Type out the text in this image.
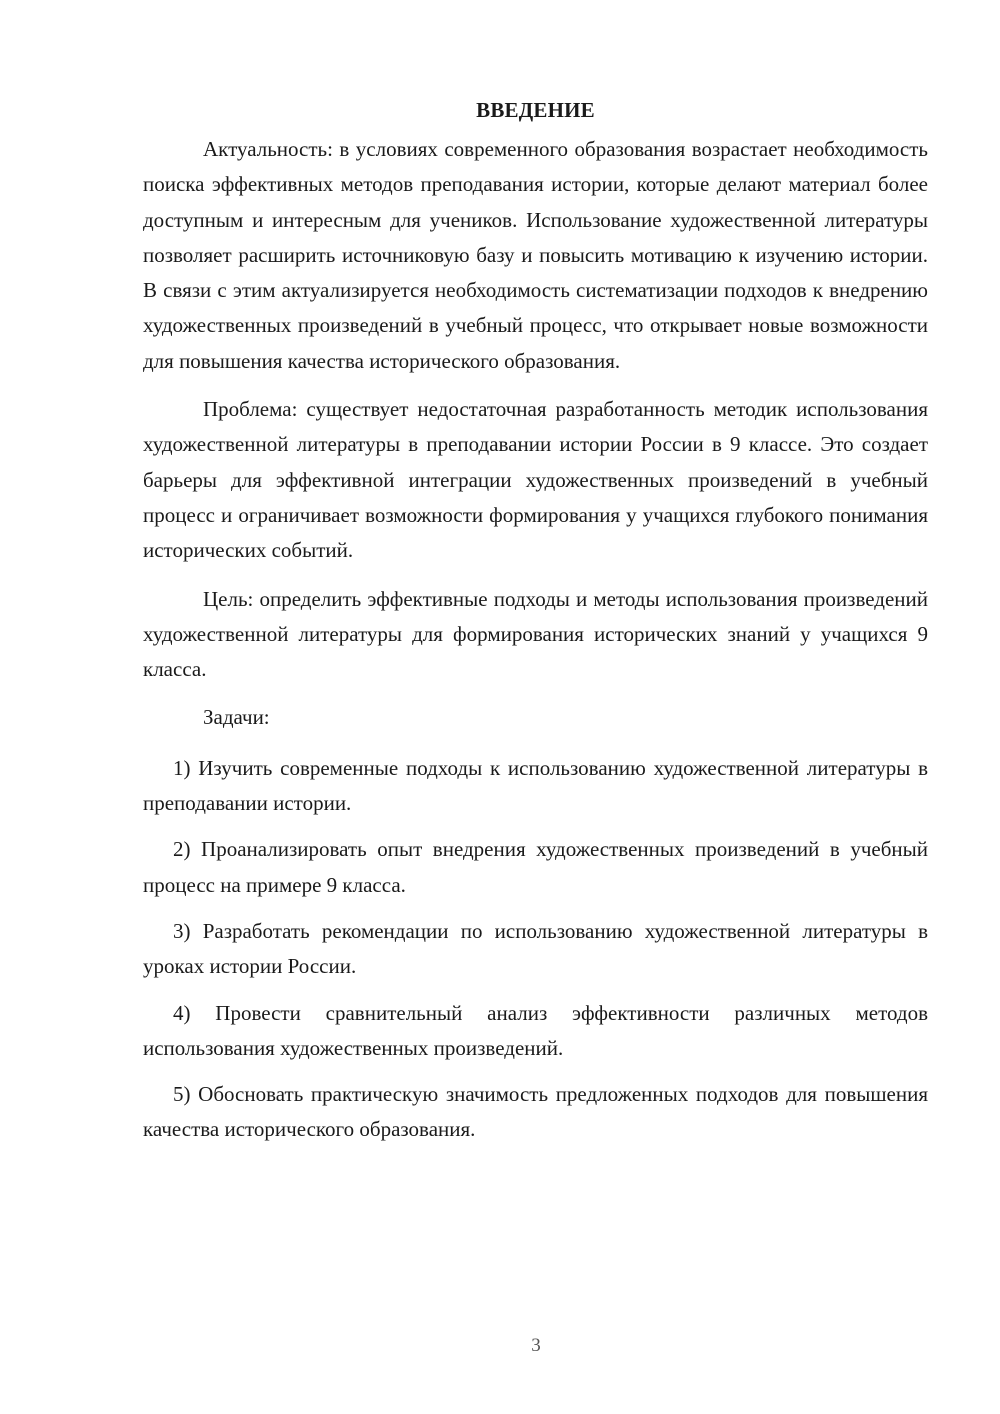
ВВЕДЕНИЕ

Актуальность: в условиях современного образования возрастает необходимость поиска эффективных методов преподавания истории, которые делают материал более доступным и интересным для учеников. Использование художественной литературы позволяет расширить источниковую базу и повысить мотивацию к изучению истории. В связи с этим актуализируется необходимость систематизации подходов к внедрению художественных произведений в учебный процесс, что открывает новые возможности для повышения качества исторического образования.

Проблема: существует недостаточная разработанность методик использования художественной литературы в преподавании истории России в 9 классе. Это создает барьеры для эффективной интеграции художественных произведений в учебный процесс и ограничивает возможности формирования у учащихся глубокого понимания исторических событий.

Цель: определить эффективные подходы и методы использования произведений художественной литературы для формирования исторических знаний у учащихся 9 класса.

Задачи:

1) Изучить современные подходы к использованию художественной литературы в преподавании истории.

2) Проанализировать опыт внедрения художественных произведений в учебный процесс на примере 9 класса.

3) Разработать рекомендации по использованию художественной литературы в уроках истории России.

4) Провести сравнительный анализ эффективности различных методов использования художественных произведений.

5) Обосновать практическую значимость предложенных подходов для повышения качества исторического образования.

3
